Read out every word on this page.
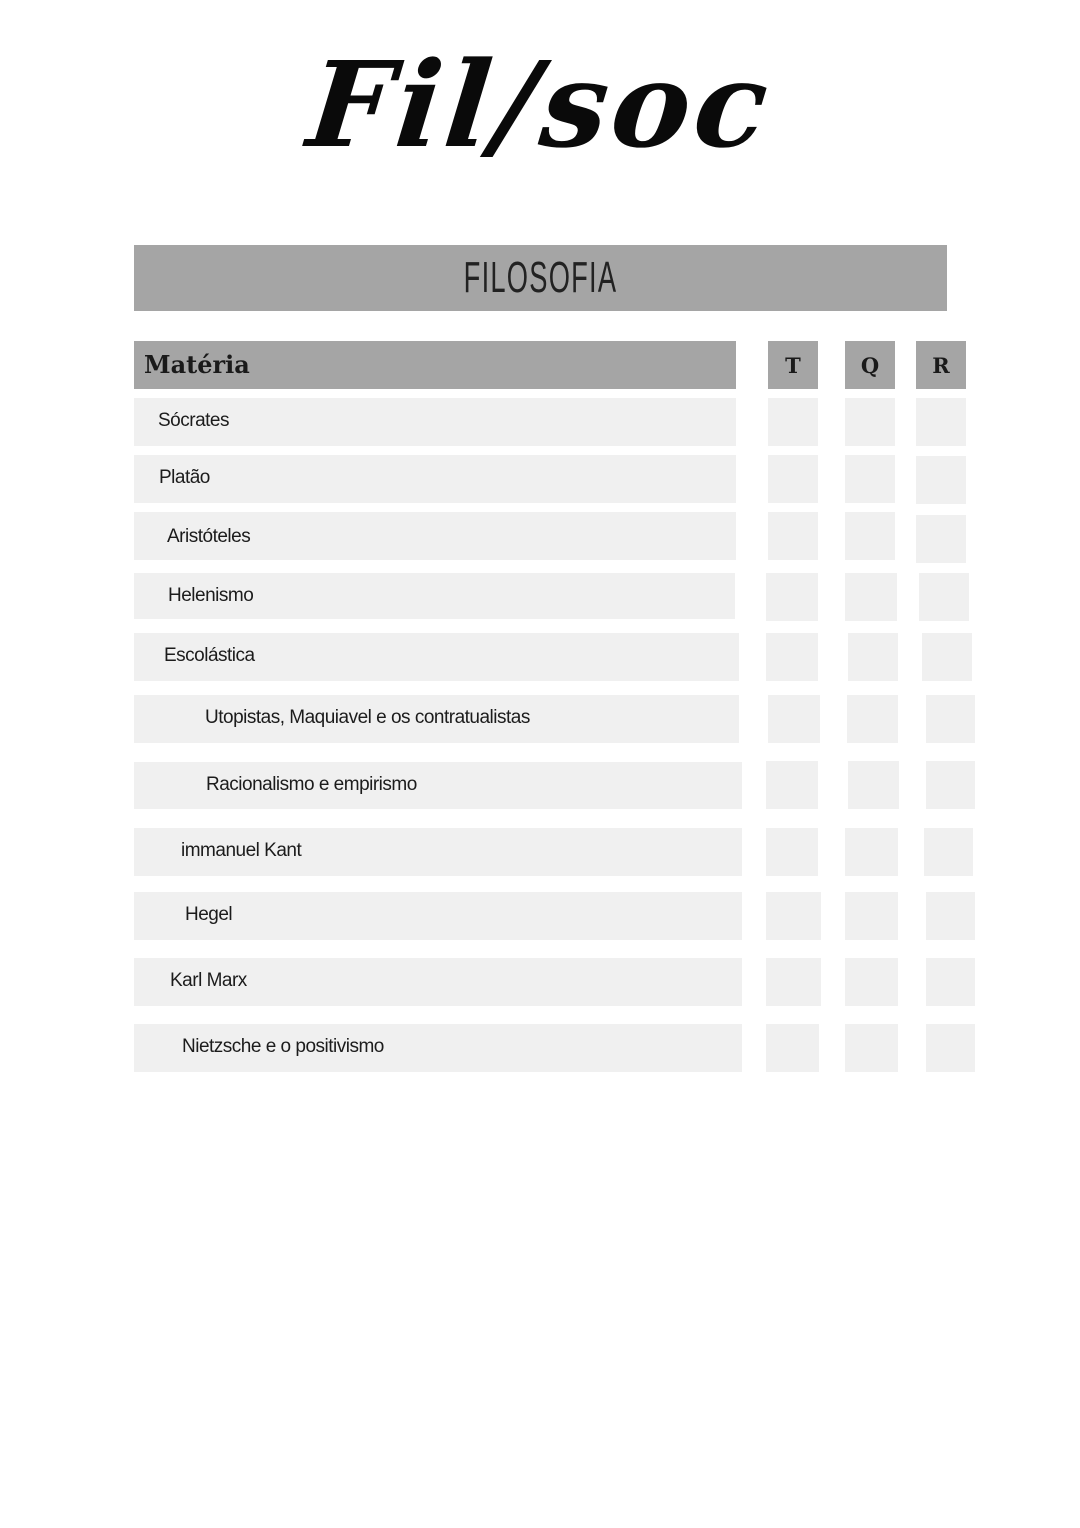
Fil/soc
FILOSOFIA
Matéria	T	Q	R
Sócrates
Platão
Aristóteles
Helenismo
Escolástica
Utopistas, Maquiavel e os contratualistas
Racionalismo e empirismo
immanuel Kant
Hegel
Karl Marx
Nietzsche e o positivismo
